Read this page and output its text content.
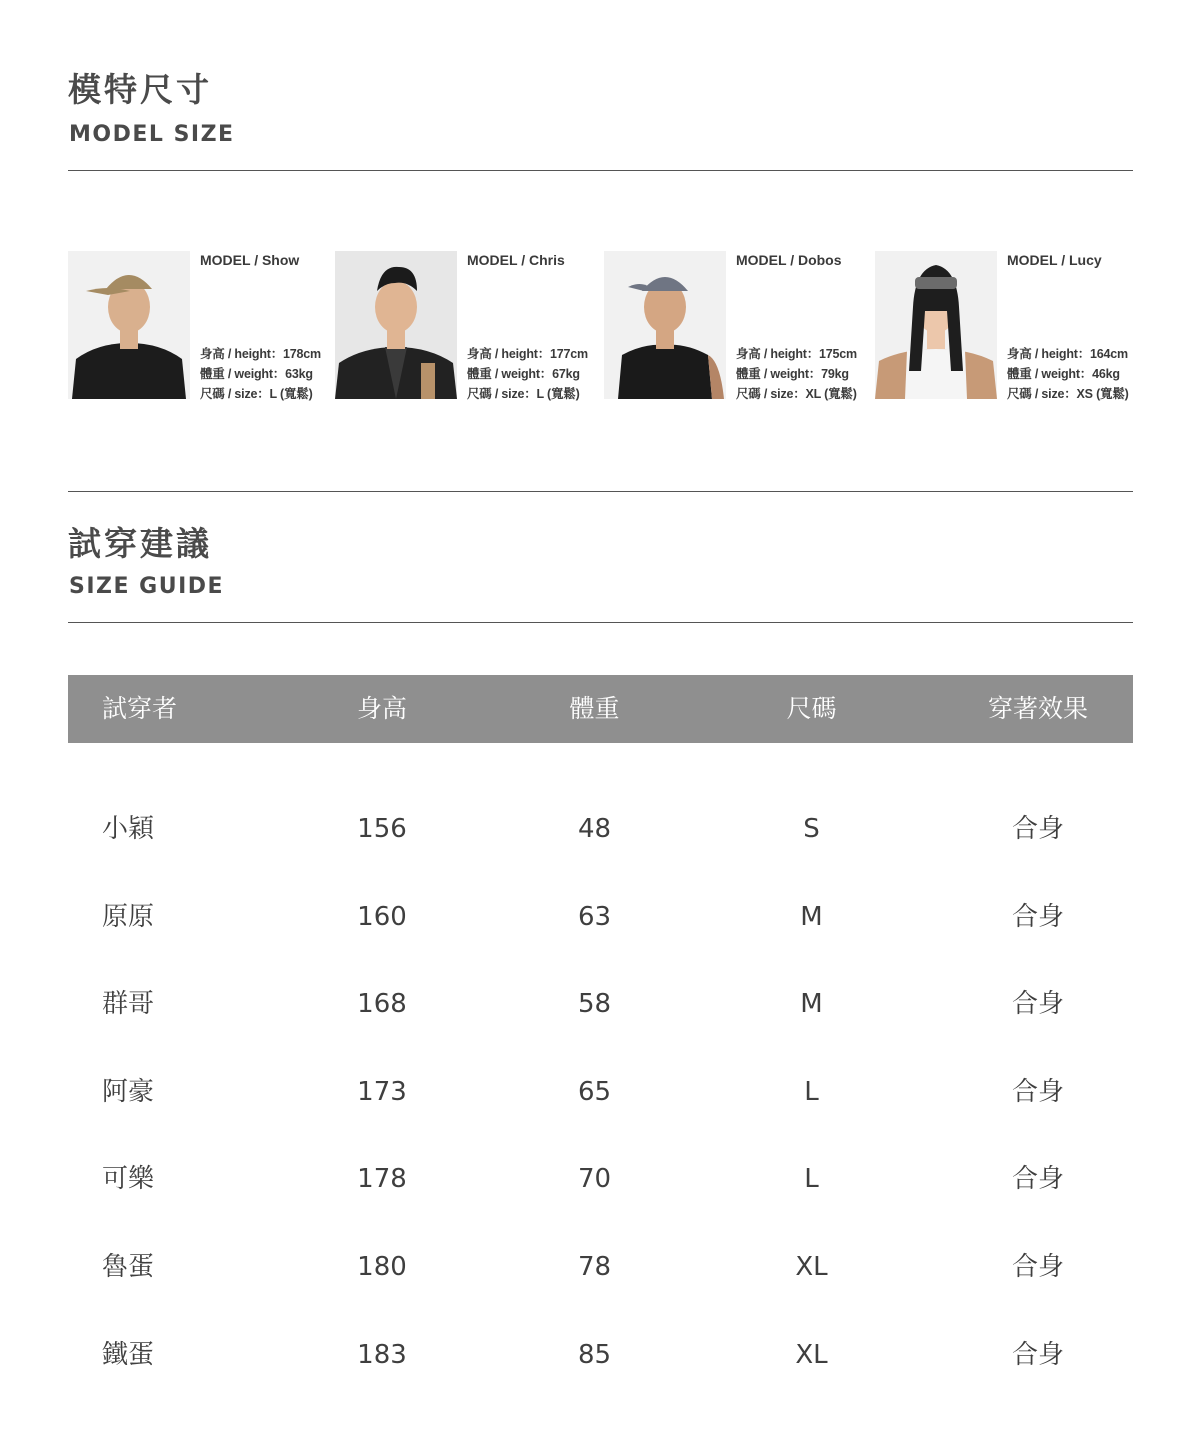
模特尺寸
MODEL SIZE
MODEL / Show
身高 / height：178cm
體重 / weight：63kg
尺碼 / size：L (寬鬆)
MODEL / Chris
身高 / height：177cm
體重 / weight：67kg
尺碼 / size：L (寬鬆)
MODEL / Dobos
身高 / height：175cm
體重 / weight：79kg
尺碼 / size：XL (寬鬆)
MODEL / Lucy
身高 / height：164cm
體重 / weight：46kg
尺碼 / size：XS (寬鬆)
試穿建議
SIZE GUIDE
試穿者	身高	體重	尺碼	穿著效果
小穎	156	48	S	合身
原原	160	63	M	合身
群哥	168	58	M	合身
阿豪	173	65	L	合身
可樂	178	70	L	合身
魯蛋	180	78	XL	合身
鐵蛋	183	85	XL	合身
